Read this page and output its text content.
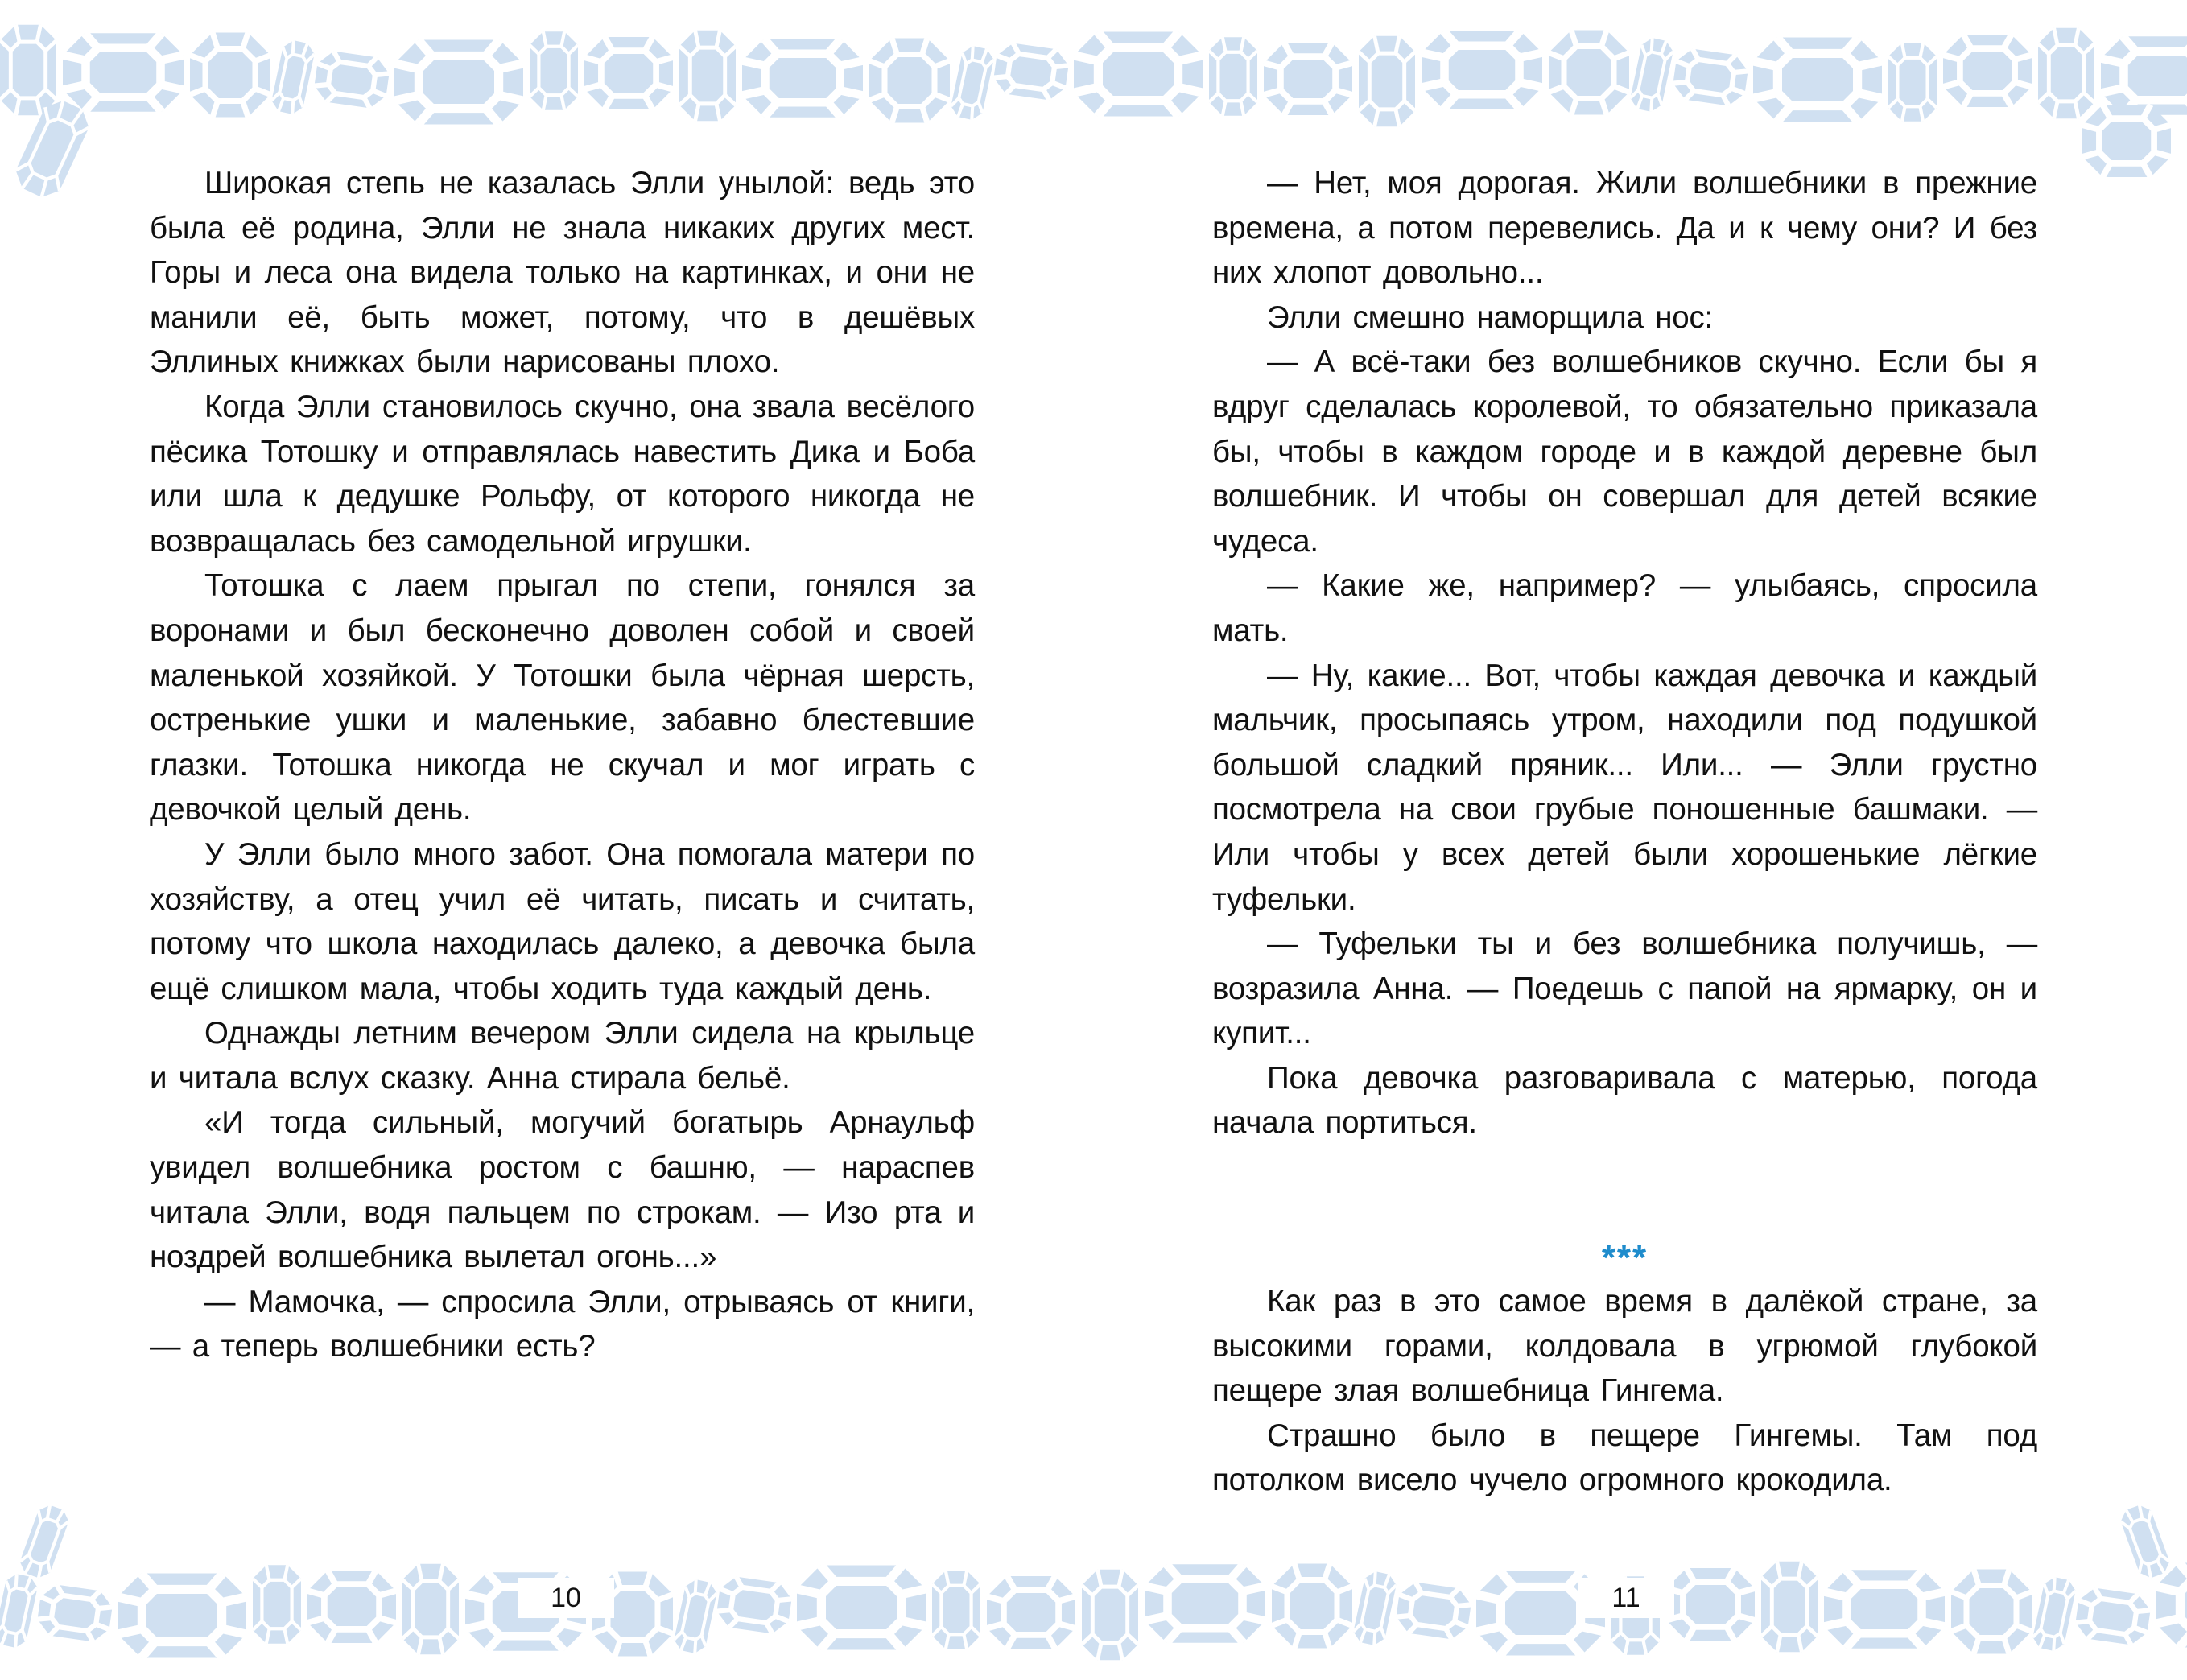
Широкая степь не казалась Элли унылой: ведь это была её родина, Элли не знала никаких других мест. Горы и леса она видела только на картинках, и они не манили её, быть может, потому, что в дешёвых Эллиных книжках были нарисованы плохо.

Когда Элли становилось скучно, она звала весёлого пёсика Тотошку и отправлялась навестить Дика и Боба или шла к дедушке Рольфу, от которого никогда не возвращалась без самодельной игрушки.

Тотошка с лаем прыгал по степи, гонялся за воронами и был бесконечно доволен собой и своей маленькой хозяйкой. У Тотошки была чёрная шерсть, остренькие ушки и маленькие, забавно блестевшие глазки. Тотошка никогда не скучал и мог играть с девочкой целый день.

У Элли было много забот. Она помогала матери по хозяйству, а отец учил её читать, писать и считать, потому что школа находилась далеко, а девочка была ещё слишком мала, чтобы ходить туда каждый день.

Однажды летним вечером Элли сидела на крыльце и читала вслух сказку. Анна стирала бельё.

«И тогда сильный, могучий богатырь Арнаульф увидел волшебника ростом с башню, — нараспев читала Элли, водя пальцем по строкам. — Изо рта и ноздрей волшебника вылетал огонь...»

— Мамочка, — спросила Элли, отрываясь от книги, — а теперь волшебники есть?

— Нет, моя дорогая. Жили волшебники в прежние времена, а потом перевелись. Да и к чему они? И без них хлопот довольно...

Элли смешно наморщила нос:

— А всё-таки без волшебников скучно. Если бы я вдруг сделалась королевой, то обязательно приказала бы, чтобы в каждом городе и в каждой деревне был волшебник. И чтобы он совершал для детей всякие чудеса.

— Какие же, например? — улыбаясь, спросила мать.

— Ну, какие... Вот, чтобы каждая девочка и каждый мальчик, просыпаясь утром, находили под подушкой большой сладкий пряник... Или... — Элли грустно посмотрела на свои грубые поношенные башмаки. — Или чтобы у всех детей были хорошенькие лёгкие туфельки.

— Туфельки ты и без волшебника получишь, — возразила Анна. — Поедешь с папой на ярмарку, он и купит...

Пока девочка разговаривала с матерью, погода начала портиться.

***

Как раз в это самое время в далёкой стране, за высокими горами, колдовала в угрюмой глубокой пещере злая волшебница Гингема.

Страшно было в пещере Гингемы. Там под потолком висело чучело огромного крокодила.

10	11
